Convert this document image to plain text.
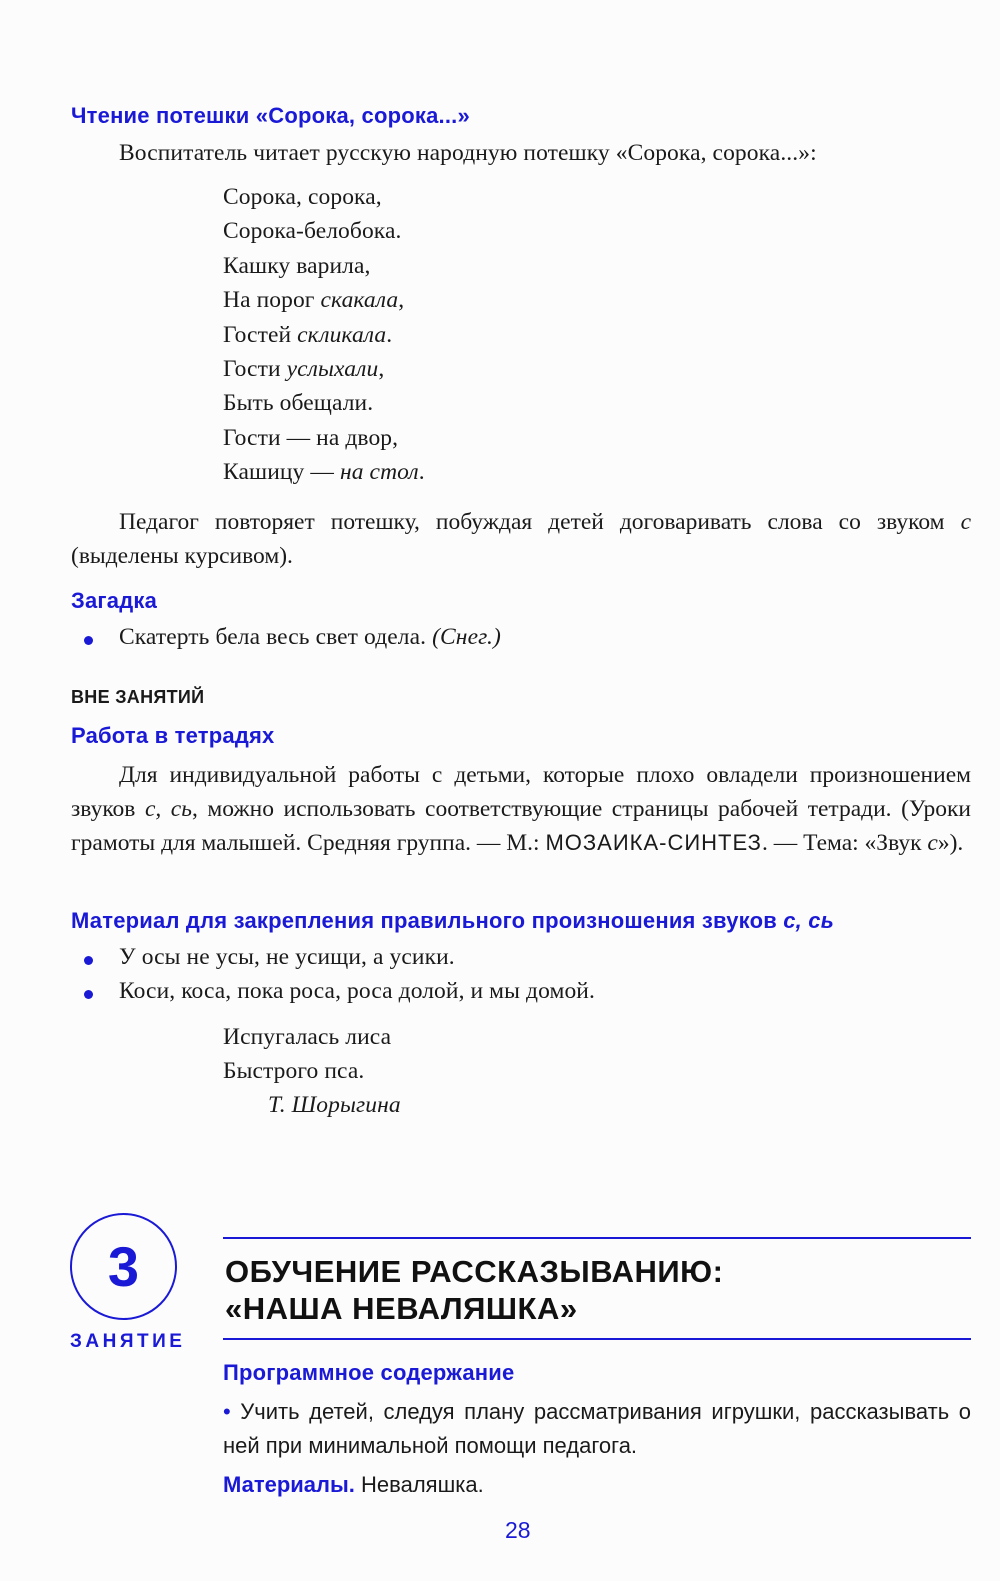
Чтение потешки «Сорока, сорока...»
Воспитатель читает русскую народную потешку «Сорока, сорока...»:
Сорока, сорока,
Сорока-белобока.
Кашку варила,
На порог скакала,
Гостей скликала.
Гости услыхали,
Быть обещали.
Гости — на двор,
Кашицу — на стол.
Педагог повторяет потешку, побуждая детей договаривать слова со звуком с (выделены курсивом).
Загадка
Скатерть бела весь свет одела. (Снег.)
ВНЕ ЗАНЯТИЙ
Работа в тетрадях
Для индивидуальной работы с детьми, которые плохо овладели произношением звуков с, сь, можно использовать соответствующие страницы рабочей тетради. (Уроки грамоты для малышей. Средняя группа. — М.: МОЗАИКА-СИНТЕЗ. — Тема: «Звук с»).
Материал для закрепления правильного произношения звуков с, сь
У осы не усы, не усищи, а усики.
Коси, коса, пока роса, роса долой, и мы домой.
Испугалась лиса
Быстрого пса.
Т. Шорыгина
3
ЗАНЯТИЕ
ОБУЧЕНИЕ РАССКАЗЫВАНИЮ:
«НАША НЕВАЛЯШКА»
Программное содержание
• Учить детей, следуя плану рассматривания игрушки, рассказывать о ней при минимальной помощи педагога.
Материалы. Неваляшка.
28
